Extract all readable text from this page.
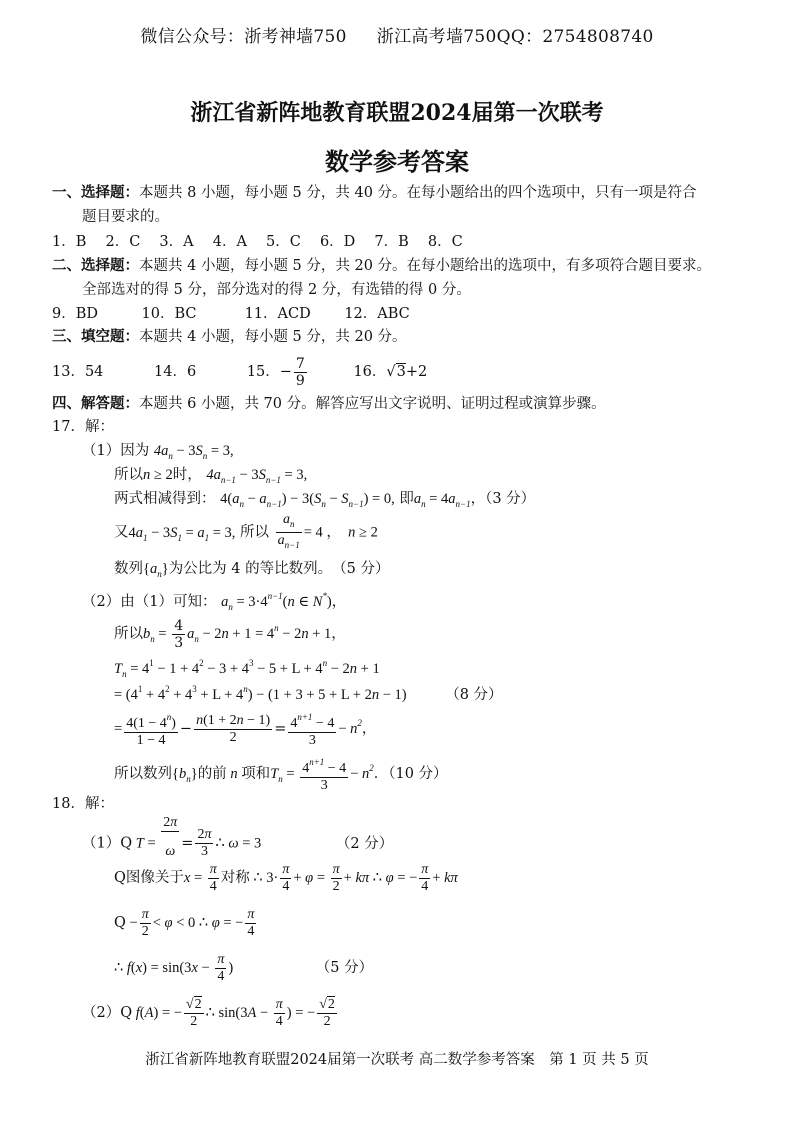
微信公众号：浙考神墙750 浙江高考墙750QQ：2754808740
浙江省新阵地教育联盟2024届第一次联考
数学参考答案
一、选择题：本题共 8 小题，每小题 5 分，共 40 分。在每小题给出的四个选项中，只有一项是符合
题目要求的。
1．B　 2．C　 3．A　 4．A　 5．C　 6．D　 7．B　 8．C
二、选择题：本题共 4 小题，每小题 5 分，共 20 分。在每小题给出的选项中，有多项符合题目要求。
全部选对的得 5 分，部分选对的得 2 分，有选错的得 0 分。
9．BD　　　10．BC　　　 11．ACD　　 12．ABC
三、填空题：本题共 4 小题，每小题 5 分，共 20 分。
13．54	14．6	15．− $\frac{7}{9}$	16．√3+2
四、解答题：本题共 6 小题，共 70 分。解答应写出文字说明、证明过程或演算步骤。
17．解：
（1）因为 $4a_n - 3S_n = 3$,
所以n ≥ 2时， $4a_{n-1} - 3S_{n-1} = 3$,
两式相减得到： $4(a_n - a_{n-1}) - 3(S_n - S_{n-1}) = 0$, 即$a_n = 4a_{n-1}$，（3 分）
又$4a_1 - 3S_1 = a_1 = 3$, 所以 $\frac{a_n}{a_{n-1}} = 4$ ，　n ≥ 2
数列$\{a_n\}$为公比为 4 的等比数列。　（5 分）
（2）由（1）可知： $a_n = 3\cdot 4^{n-1}(n$ ∈ N*)，
所以$b_n = \frac{4}{3} a_n - 2n + 1 = 4^n - 2n + 1$，
$T_n = 4^1 - 1 + 4^2 - 3 + 4^3 - 5 + L + 4^n - 2n + 1$
= $(4^1 + 4^2 + 4^3 + L + 4^n) - (1 + 3 + 5 + L + 2n - 1)$	（8 分）
= $\frac{4(1 - 4^n)}{1 - 4} - \frac{n(1 + 2n - 1)}{2} = \frac{4^{n+1} - 4}{3} - n^2$，
所以数列$\{b_n\}$的前 n 项和$T_n = \frac{4^{n+1} - 4}{3} - n^2$．（10 分）
18．解：
（1）Q T =
2π
$\omega = \frac{2\pi}{3}$ ∴ ω = 3	（2 分）
Q图像关于$x = \frac{\pi}{4}$ 对称 ∴ $3\cdot \frac{\pi}{4} + \varphi = \frac{\pi}{2} + k\pi$ ∴ φ = − $\frac{\pi}{4} + k\pi$
$Q - \frac{\pi}{2} < \varphi < 0$ ∴ φ = − $\frac{\pi}{4}$
∴ $f(x) = \sin(3x - \frac{\pi}{4}$ )	（5 分）
（2）Q f(A) = − $\frac{√2}{2}$ ∴ $\sin(3A - \frac{\pi}{4}$ ) = − $\frac{√2}{2}$
浙江省新阵地教育联盟2024届第一次联考 高二数学参考答案　第 1 页 共 5 页
